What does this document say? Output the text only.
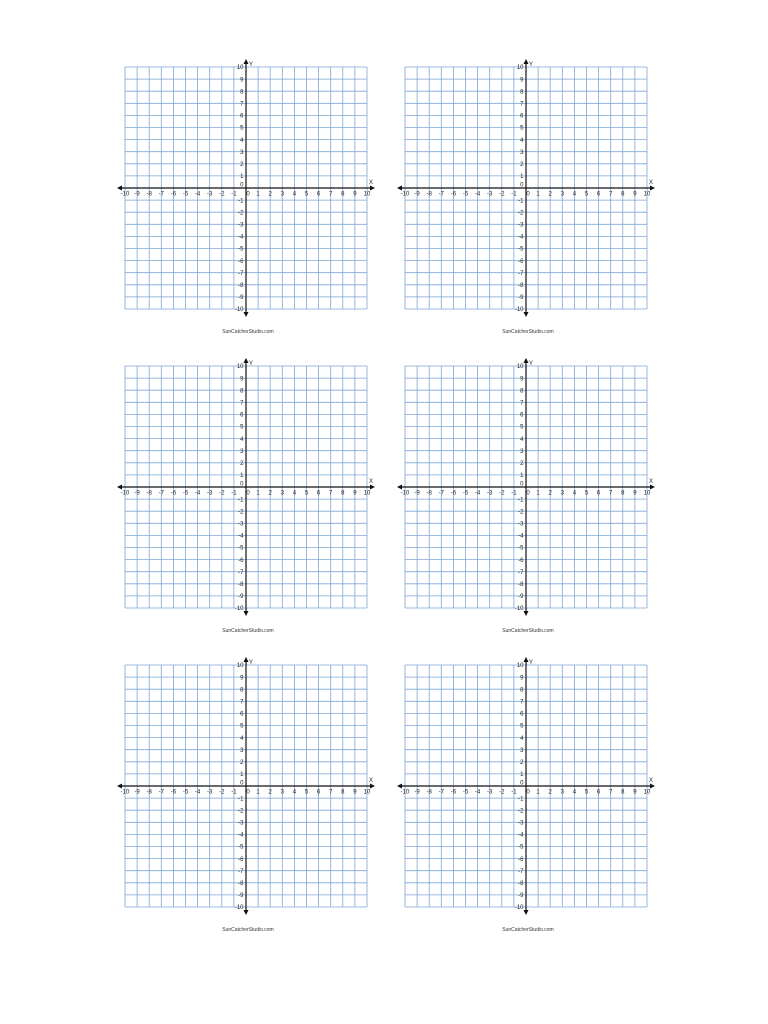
-10 -9 -8 -7 -6 -5 -4 -3 -2 -1 0 1 2 3 4 5 6 7 8 9 10
-10
-9
-8
-7
-6
-5
-4
-3
-2
-1
1
2
3
4
5
6
7
8
9
10
0	X
Y
SunCatcherStudio.com
-10 -9 -8 -7 -6 -5 -4 -3 -2 -1 0 1 2 3 4 5 6 7 8 9 10
-10
-9
-8
-7
-6
-5
-4
-3
-2
-1
1
2
3
4
5
6
7
8
9
10
0	X
Y
SunCatcherStudio.com
-10 -9 -8 -7 -6 -5 -4 -3 -2 -1 0 1 2 3 4 5 6 7 8 9 10
-10
-9
-8
-7
-6
-5
-4
-3
-2
-1
1
2
3
4
5
6
7
8
9
10
0	X
Y
SunCatcherStudio.com
-10 -9 -8 -7 -6 -5 -4 -3 -2 -1 0 1 2 3 4 5 6 7 8 9 10
-10
-9
-8
-7
-6
-5
-4
-3
-2
-1
1
2
3
4
5
6
7
8
9
10
0	X
Y
SunCatcherStudio.com
-10 -9 -8 -7 -6 -5 -4 -3 -2 -1 0 1 2 3 4 5 6 7 8 9 10
-10
-9
-8
-7
-6
-5
-4
-3
-2
-1
1
2
3
4
5
6
7
8
9
10
0	X
Y
SunCatcherStudio.com
-10 -9 -8 -7 -6 -5 -4 -3 -2 -1 0 1 2 3 4 5 6 7 8 9 10
-10
-9
-8
-7
-6
-5
-4
-3
-2
-1
1
2
3
4
5
6
7
8
9
10
0	X
Y
SunCatcherStudio.com
